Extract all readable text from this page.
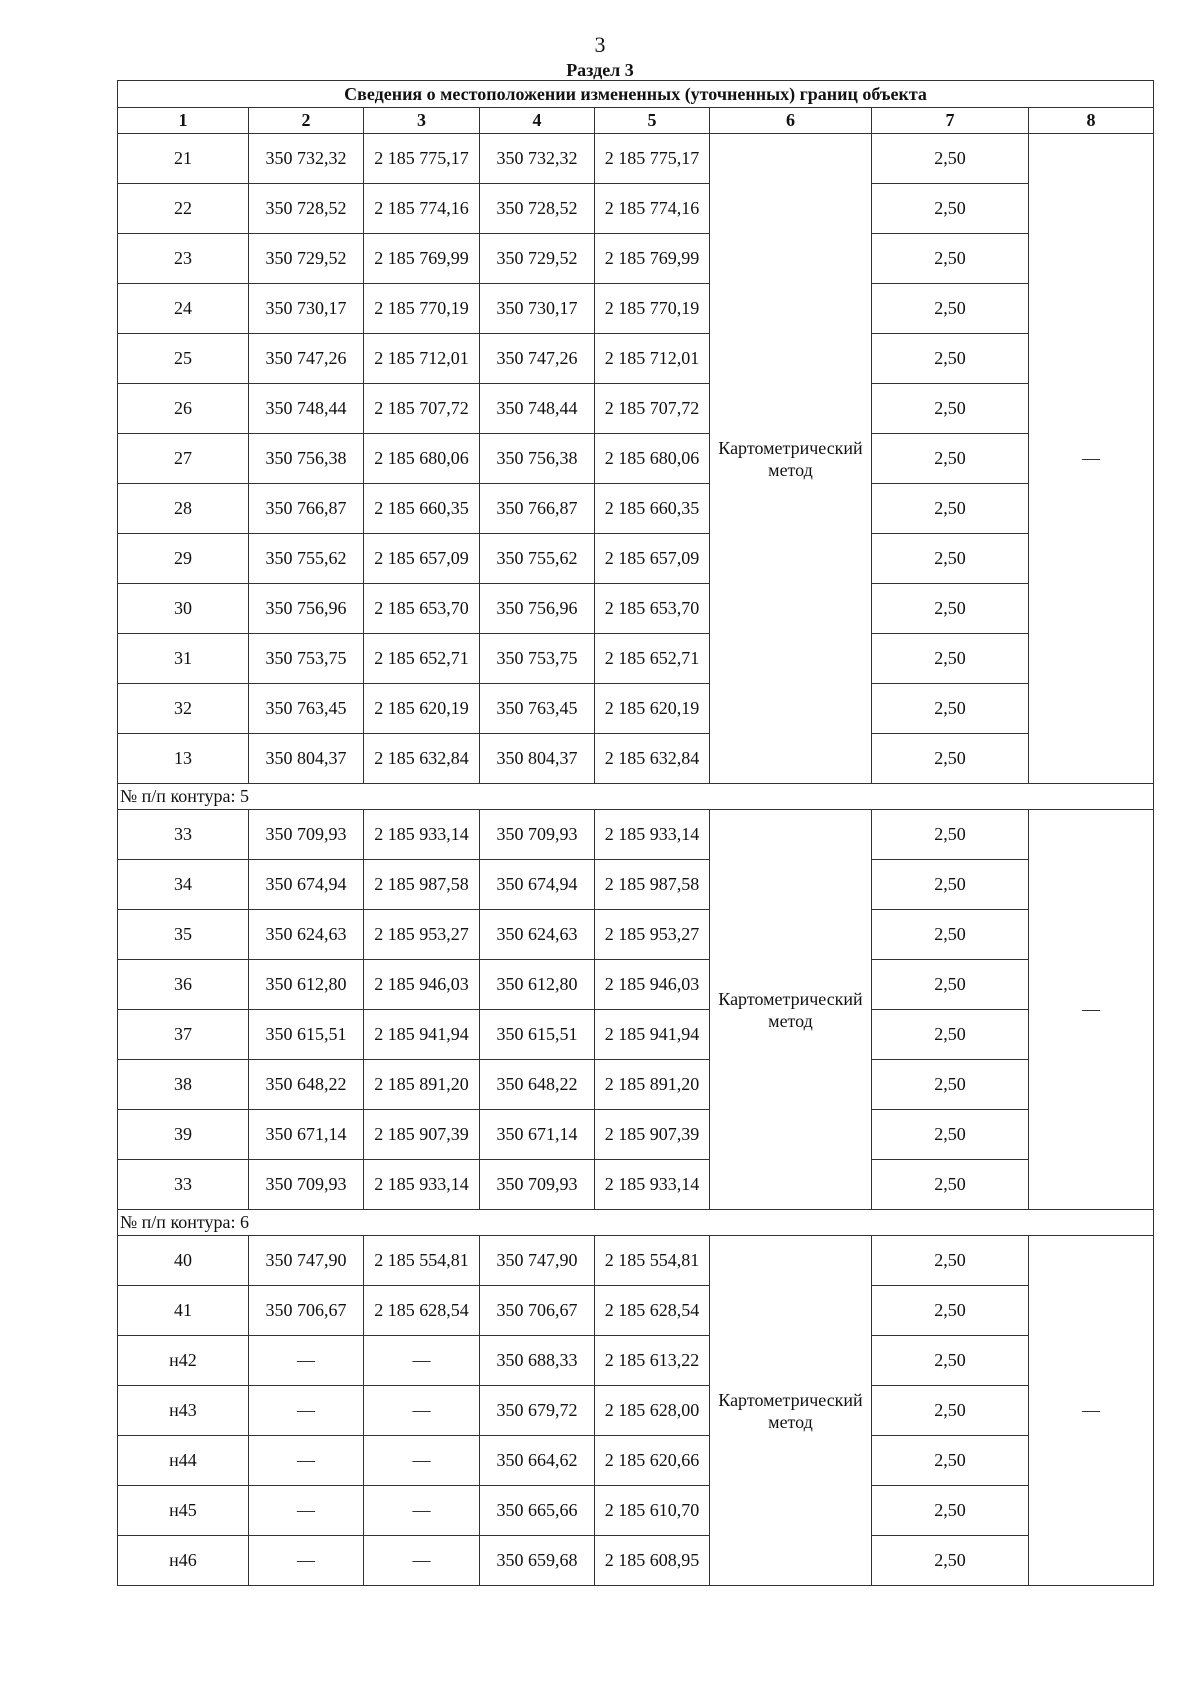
3
Раздел 3
Сведения о местоположении измененных (уточненных) границ объекта							
1	2	3	4	5	6	7	8
21	350 732,32	2 185 775,17	350 732,32	2 185 775,17	Картометрический метод	2,50	—
22	350 728,52	2 185 774,16	350 728,52	2 185 774,16		2,50	
23	350 729,52	2 185 769,99	350 729,52	2 185 769,99		2,50	
24	350 730,17	2 185 770,19	350 730,17	2 185 770,19		2,50	
25	350 747,26	2 185 712,01	350 747,26	2 185 712,01		2,50	
26	350 748,44	2 185 707,72	350 748,44	2 185 707,72		2,50	
27	350 756,38	2 185 680,06	350 756,38	2 185 680,06		2,50	
28	350 766,87	2 185 660,35	350 766,87	2 185 660,35		2,50	
29	350 755,62	2 185 657,09	350 755,62	2 185 657,09		2,50	
30	350 756,96	2 185 653,70	350 756,96	2 185 653,70		2,50	
31	350 753,75	2 185 652,71	350 753,75	2 185 652,71		2,50	
32	350 763,45	2 185 620,19	350 763,45	2 185 620,19		2,50	
13	350 804,37	2 185 632,84	350 804,37	2 185 632,84		2,50	
№ п/п контура: 5							
33	350 709,93	2 185 933,14	350 709,93	2 185 933,14	Картометрический метод	2,50	—
34	350 674,94	2 185 987,58	350 674,94	2 185 987,58		2,50	
35	350 624,63	2 185 953,27	350 624,63	2 185 953,27		2,50	
36	350 612,80	2 185 946,03	350 612,80	2 185 946,03		2,50	
37	350 615,51	2 185 941,94	350 615,51	2 185 941,94		2,50	
38	350 648,22	2 185 891,20	350 648,22	2 185 891,20		2,50	
39	350 671,14	2 185 907,39	350 671,14	2 185 907,39		2,50	
33	350 709,93	2 185 933,14	350 709,93	2 185 933,14		2,50	
№ п/п контура: 6							
40	350 747,90	2 185 554,81	350 747,90	2 185 554,81	Картометрический метод	2,50	—
41	350 706,67	2 185 628,54	350 706,67	2 185 628,54		2,50	
н42	—	—	350 688,33	2 185 613,22		2,50	
н43	—	—	350 679,72	2 185 628,00		2,50	
н44	—	—	350 664,62	2 185 620,66		2,50	
н45	—	—	350 665,66	2 185 610,70		2,50	
н46	—	—	350 659,68	2 185 608,95		2,50	
